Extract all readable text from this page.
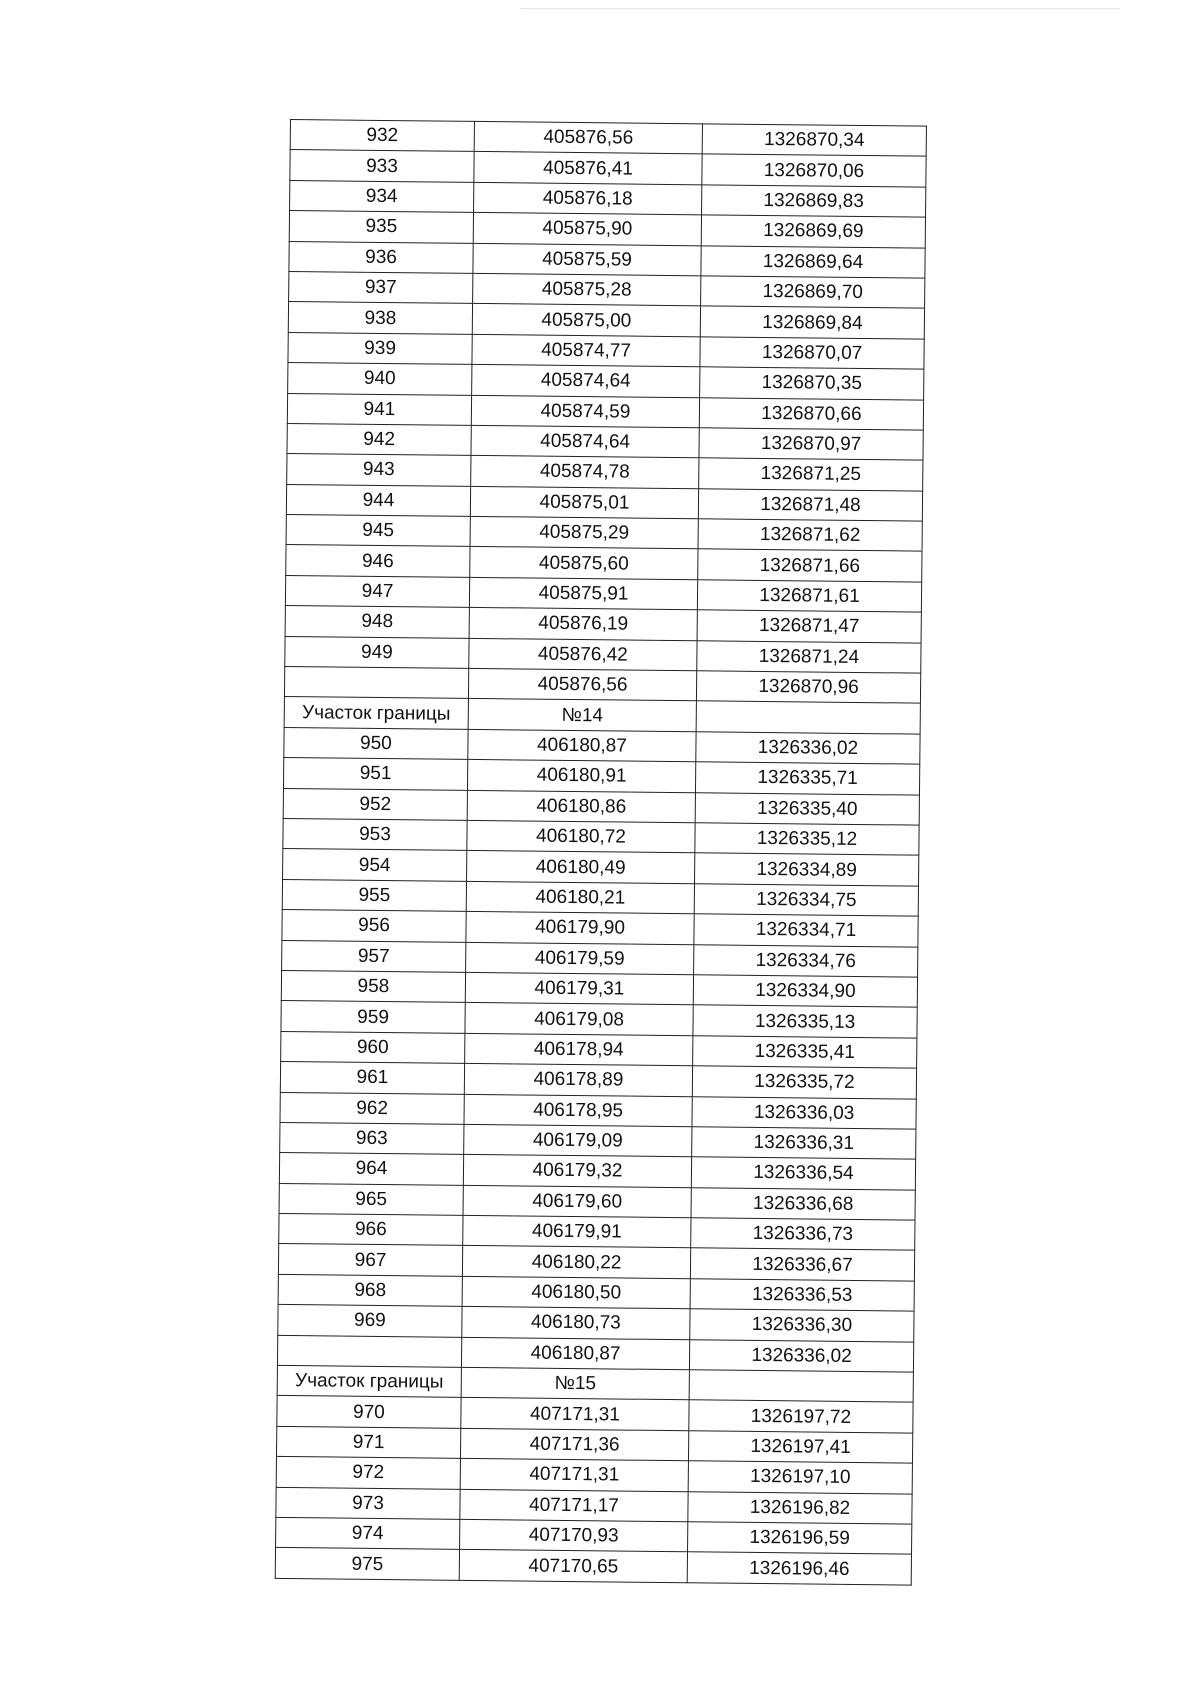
932	405876,56	1326870,34
933	405876,41	1326870,06
934	405876,18	1326869,83
935	405875,90	1326869,69
936	405875,59	1326869,64
937	405875,28	1326869,70
938	405875,00	1326869,84
939	405874,77	1326870,07
940	405874,64	1326870,35
941	405874,59	1326870,66
942	405874,64	1326870,97
943	405874,78	1326871,25
944	405875,01	1326871,48
945	405875,29	1326871,62
946	405875,60	1326871,66
947	405875,91	1326871,61
948	405876,19	1326871,47
949	405876,42	1326871,24
	405876,56	1326870,96
Участок границы	№14	
950	406180,87	1326336,02
951	406180,91	1326335,71
952	406180,86	1326335,40
953	406180,72	1326335,12
954	406180,49	1326334,89
955	406180,21	1326334,75
956	406179,90	1326334,71
957	406179,59	1326334,76
958	406179,31	1326334,90
959	406179,08	1326335,13
960	406178,94	1326335,41
961	406178,89	1326335,72
962	406178,95	1326336,03
963	406179,09	1326336,31
964	406179,32	1326336,54
965	406179,60	1326336,68
966	406179,91	1326336,73
967	406180,22	1326336,67
968	406180,50	1326336,53
969	406180,73	1326336,30
	406180,87	1326336,02
Участок границы	№15	
970	407171,31	1326197,72
971	407171,36	1326197,41
972	407171,31	1326197,10
973	407171,17	1326196,82
974	407170,93	1326196,59
975	407170,65	1326196,46
